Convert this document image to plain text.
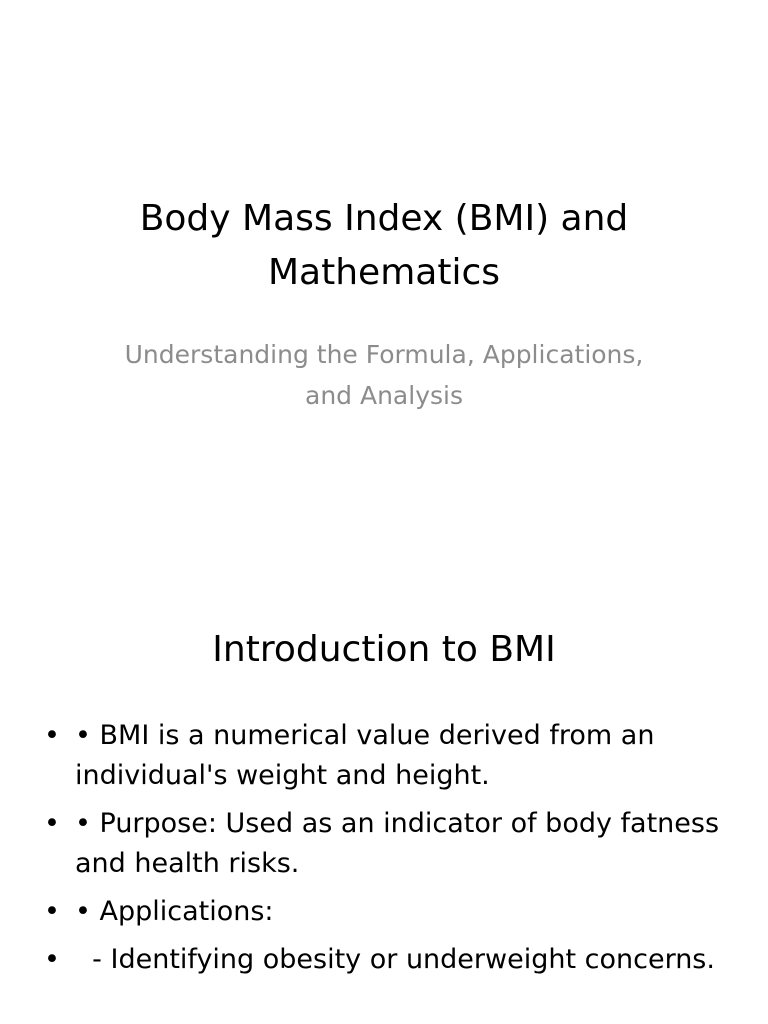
Body Mass Index (BMI) and Mathematics

Understanding the Formula, Applications, and Analysis

Introduction to BMI
• • BMI is a numerical value derived from an individual's weight and height.
• • Purpose: Used as an indicator of body fatness and health risks.
• • Applications:
• - Identifying obesity or underweight concerns.
